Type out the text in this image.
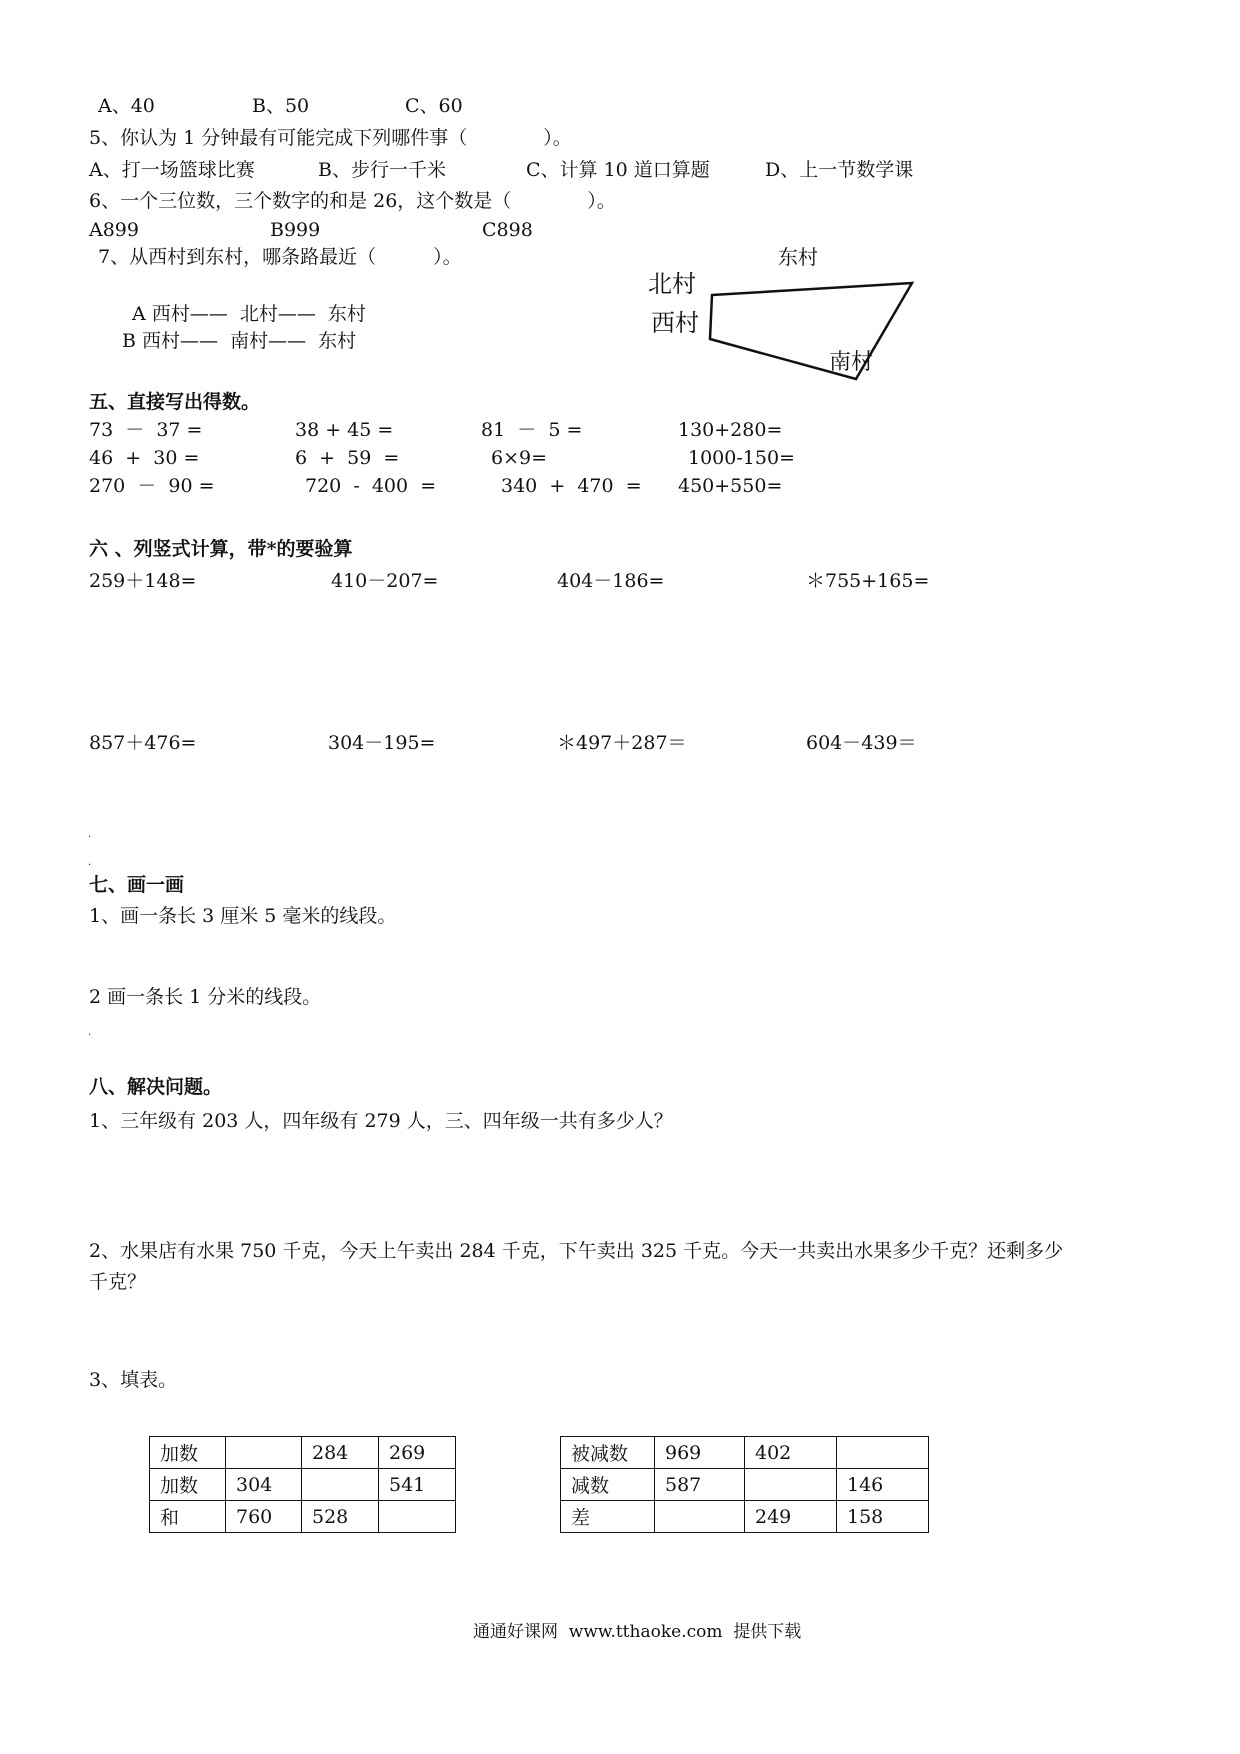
A、40	B、50	C、60
5、你认为 1 分钟最有可能完成下列哪件事（　　　　）。
A、打一场篮球比赛	B、步行一千米	C、计算 10 道口算题	D、上一节数学课
6、一个三位数，三个数字的和是 26，这个数是（　　　　）。
A899	B999	C898
7、从西村到东村，哪条路最近（　　　）。
A 西村——  北村——  东村
B 西村——  南村——  东村
东村
北村
西村
南村
五、直接写出得数。
73  －  37 =	38 + 45 =	81  －  5 =	130+280=
46  +  30 =	6  +  59  =	6×9=	1000-150=
270  －  90 =	720  -  400  =	340  +  470  = 450+550=
六 、列竖式计算，带*的要验算
259＋148=	410－207=	404－186=	＊755+165=
857＋476=	304－195=	＊497＋287＝	604－439＝
.
.
七、画一画
1、画一条长 3 厘米 5 毫米的线段。
2 画一条长 1 分米的线段。
.
八、解决问题。
1、三年级有 203 人，四年级有 279 人，三、四年级一共有多少人？
2、水果店有水果 750 千克，今天上午卖出 284 千克，下午卖出 325 千克。今天一共卖出水果多少千克？还剩多少
千克？
3、填表。
加数		284	269
加数	304		541
和	760	528	
被减数	969	402	
减数	587		146
差		249	158
通通好课网  www.tthaoke.com  提供下载
